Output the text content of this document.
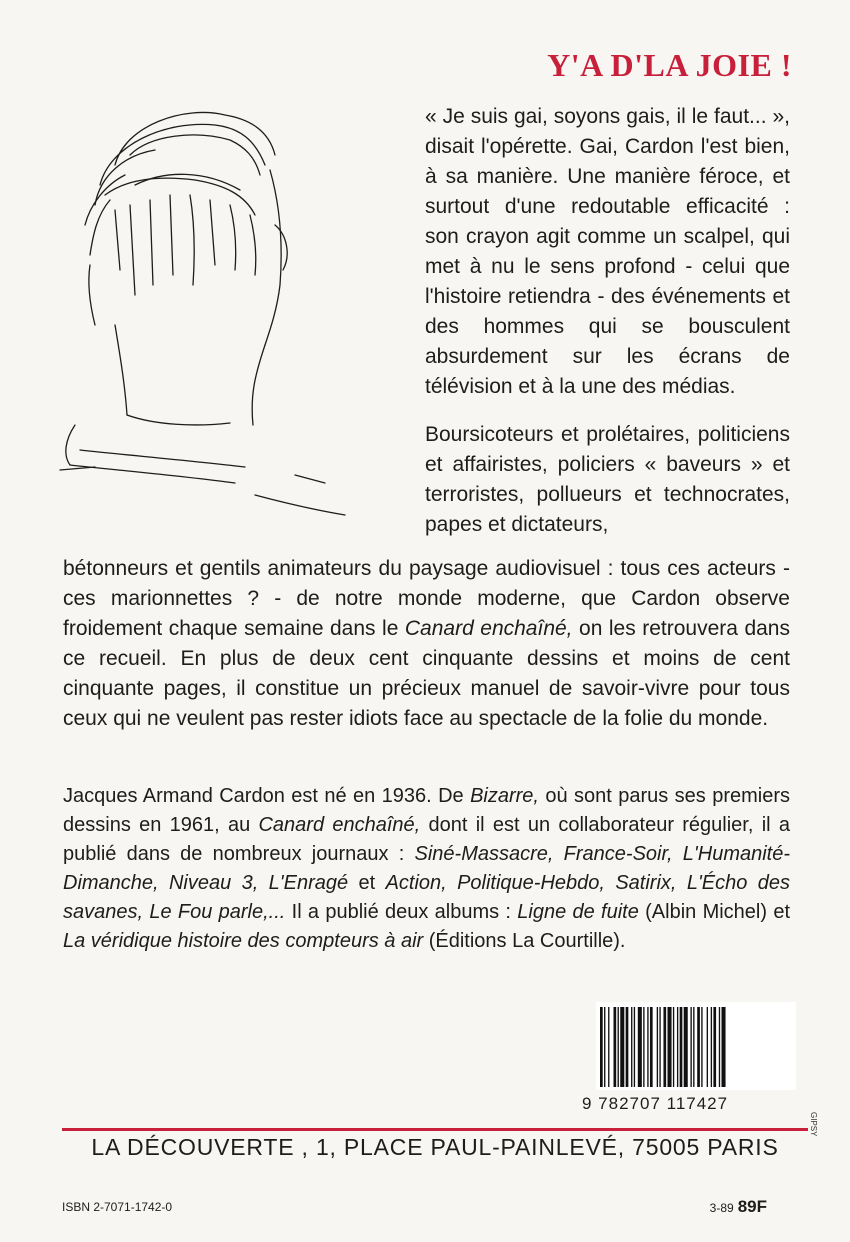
Y'A D'LA JOIE !

« Je suis gai, soyons gais, il le faut... », disait l'opérette. Gai, Cardon l'est bien, à sa manière. Une manière féroce, et surtout d'une redoutable efficacité : son crayon agit comme un scalpel, qui met à nu le sens profond - celui que l'histoire retiendra - des événements et des hommes qui se bousculent absurdement sur les écrans de télévision et à la une des médias.

Boursicoteurs et prolétaires, politiciens et affairistes, policiers « baveurs » et terroristes, pollueurs et technocrates, papes et dictateurs,

bétonneurs et gentils animateurs du paysage audiovisuel : tous ces acteurs - ces marionnettes ? - de notre monde moderne, que Cardon observe froidement chaque semaine dans le Canard enchaîné, on les retrouvera dans ce recueil. En plus de deux cent cinquante dessins et moins de cent cinquante pages, il constitue un précieux manuel de savoir-vivre pour tous ceux qui ne veulent pas rester idiots face au spectacle de la folie du monde.

Jacques Armand Cardon est né en 1936. De Bizarre, où sont parus ses premiers dessins en 1961, au Canard enchaîné, dont il est un collaborateur régulier, il a publié dans de nombreux journaux : Siné-Massacre, France-Soir, L'Humanité-Dimanche, Niveau 3, L'Enragé et Action, Politique-Hebdo, Satirix, L'Écho des savanes, Le Fou parle,... Il a publié deux albums : Ligne de fuite (Albin Michel) et La véridique histoire des compteurs à air (Éditions La Courtille).

9 782707 117427
GIPSY
LA DÉCOUVERTE , 1, PLACE PAUL-PAINLEVÉ, 75005 PARIS
ISBN 2-7071-1742-0	3-89 89F
